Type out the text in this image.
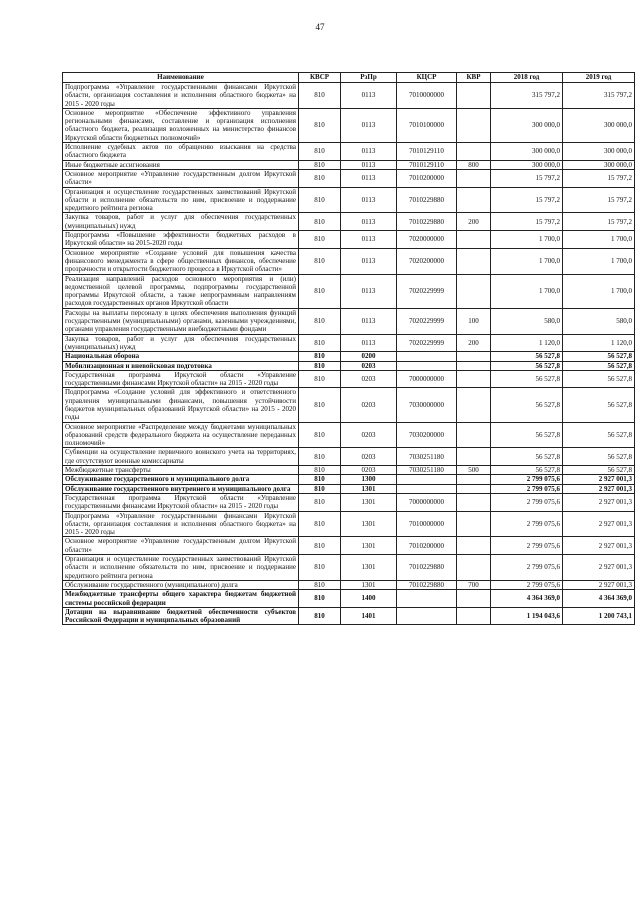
47
Наименование	КВСР	РзПр	КЦСР	КВР	2018 год	2019 год
Подпрограмма «Управление государственными финансами Иркутской области, организация составления и исполнения областного бюджета» на 2015 - 2020 годы	810	0113	7010000000		315 797,2	315 797,2
Основное мероприятие «Обеспечение эффективного управления региональными финансами, составление и организация исполнения областного бюджета, реализация возложенных на министерство финансов Иркутской области бюджетных полномочий»	810	0113	7010100000		300 000,0	300 000,0
Исполнение судебных актов по обращению взыскания на средства областного бюджета	810	0113	7010129110		300 000,0	300 000,0
Иные бюджетные ассигнования	810	0113	7010129110	800	300 000,0	300 000,0
Основное мероприятие «Управление государственным долгом Иркутской области»	810	0113	7010200000		15 797,2	15 797,2
Организация и осуществление государственных заимствований Иркутской области и исполнение обязательств по ним, присвоение и поддержание кредитного рейтинга региона	810	0113	7010229880		15 797,2	15 797,2
Закупка товаров, работ и услуг для обеспечения государственных (муниципальных) нужд	810	0113	7010229880	200	15 797,2	15 797,2
Подпрограмма «Повышение эффективности бюджетных расходов в Иркутской области» на 2015-2020 годы	810	0113	7020000000		1 700,0	1 700,0
Основное мероприятие «Создание условий для повышения качества финансового менеджмента в сфере общественных финансов, обеспечение прозрачности и открытости бюджетного процесса в Иркутской области»	810	0113	7020200000		1 700,0	1 700,0
Реализация направлений расходов основного мероприятия и (или) ведомственной целевой программы, подпрограммы государственной программы Иркутской области, а также непрограммным направлениям расходов государственных органов Иркутской области	810	0113	7020229999		1 700,0	1 700,0
Расходы на выплаты персоналу в целях обеспечения выполнения функций государственными (муниципальными) органами, казенными учреждениями, органами управления государственными внебюджетными фондами	810	0113	7020229999	100	580,0	580,0
Закупка товаров, работ и услуг для обеспечения государственных (муниципальных) нужд	810	0113	7020229999	200	1 120,0	1 120,0
Национальная оборона	810	0200			56 527,8	56 527,8
Мобилизационная и вневойсковая подготовка	810	0203			56 527,8	56 527,8
Государственная программа Иркутской области «Управление государственными финансами Иркутской области» на 2015 - 2020 годы	810	0203	7000000000		56 527,8	56 527,8
Подпрограмма «Создание условий для эффективного и ответственного управления муниципальными финансами, повышения устойчивости бюджетов муниципальных образований Иркутской области» на 2015 - 2020 годы	810	0203	7030000000		56 527,8	56 527,8
Основное мероприятие «Распределение между бюджетами муниципальных образований средств федерального бюджета на осуществление переданных полномочий»	810	0203	7030200000		56 527,8	56 527,8
Субвенции на осуществление первичного воинского учета на территориях, где отсутствуют военные комиссариаты	810	0203	7030251180		56 527,8	56 527,8
Межбюджетные трансферты	810	0203	7030251180	500	56 527,8	56 527,8
Обслуживание государственного и муниципального долга	810	1300			2 799 075,6	2 927 001,3
Обслуживание государственного внутреннего и муниципального долга	810	1301			2 799 075,6	2 927 001,3
Государственная программа Иркутской области «Управление государственными финансами Иркутской области» на 2015 - 2020 годы	810	1301	7000000000		2 799 075,6	2 927 001,3
Подпрограмма «Управление государственными финансами Иркутской области, организация составления и исполнения областного бюджета» на 2015 - 2020 годы	810	1301	7010000000		2 799 075,6	2 927 001,3
Основное мероприятие «Управление государственным долгом Иркутской области»	810	1301	7010200000		2 799 075,6	2 927 001,3
Организация и осуществление государственных заимствований Иркутской области и исполнение обязательств по ним, присвоение и поддержание кредитного рейтинга региона	810	1301	7010229880		2 799 075,6	2 927 001,3
Обслуживание государственного (муниципального) долга	810	1301	7010229880	700	2 799 075,6	2 927 001,3
Межбюджетные трансферты общего характера бюджетам бюджетной системы российской федерации	810	1400			4 364 369,0	4 364 369,0
Дотации на выравнивание бюджетной обеспеченности субъектов Российской Федерации и муниципальных образований	810	1401			1 194 043,6	1 200 743,1
